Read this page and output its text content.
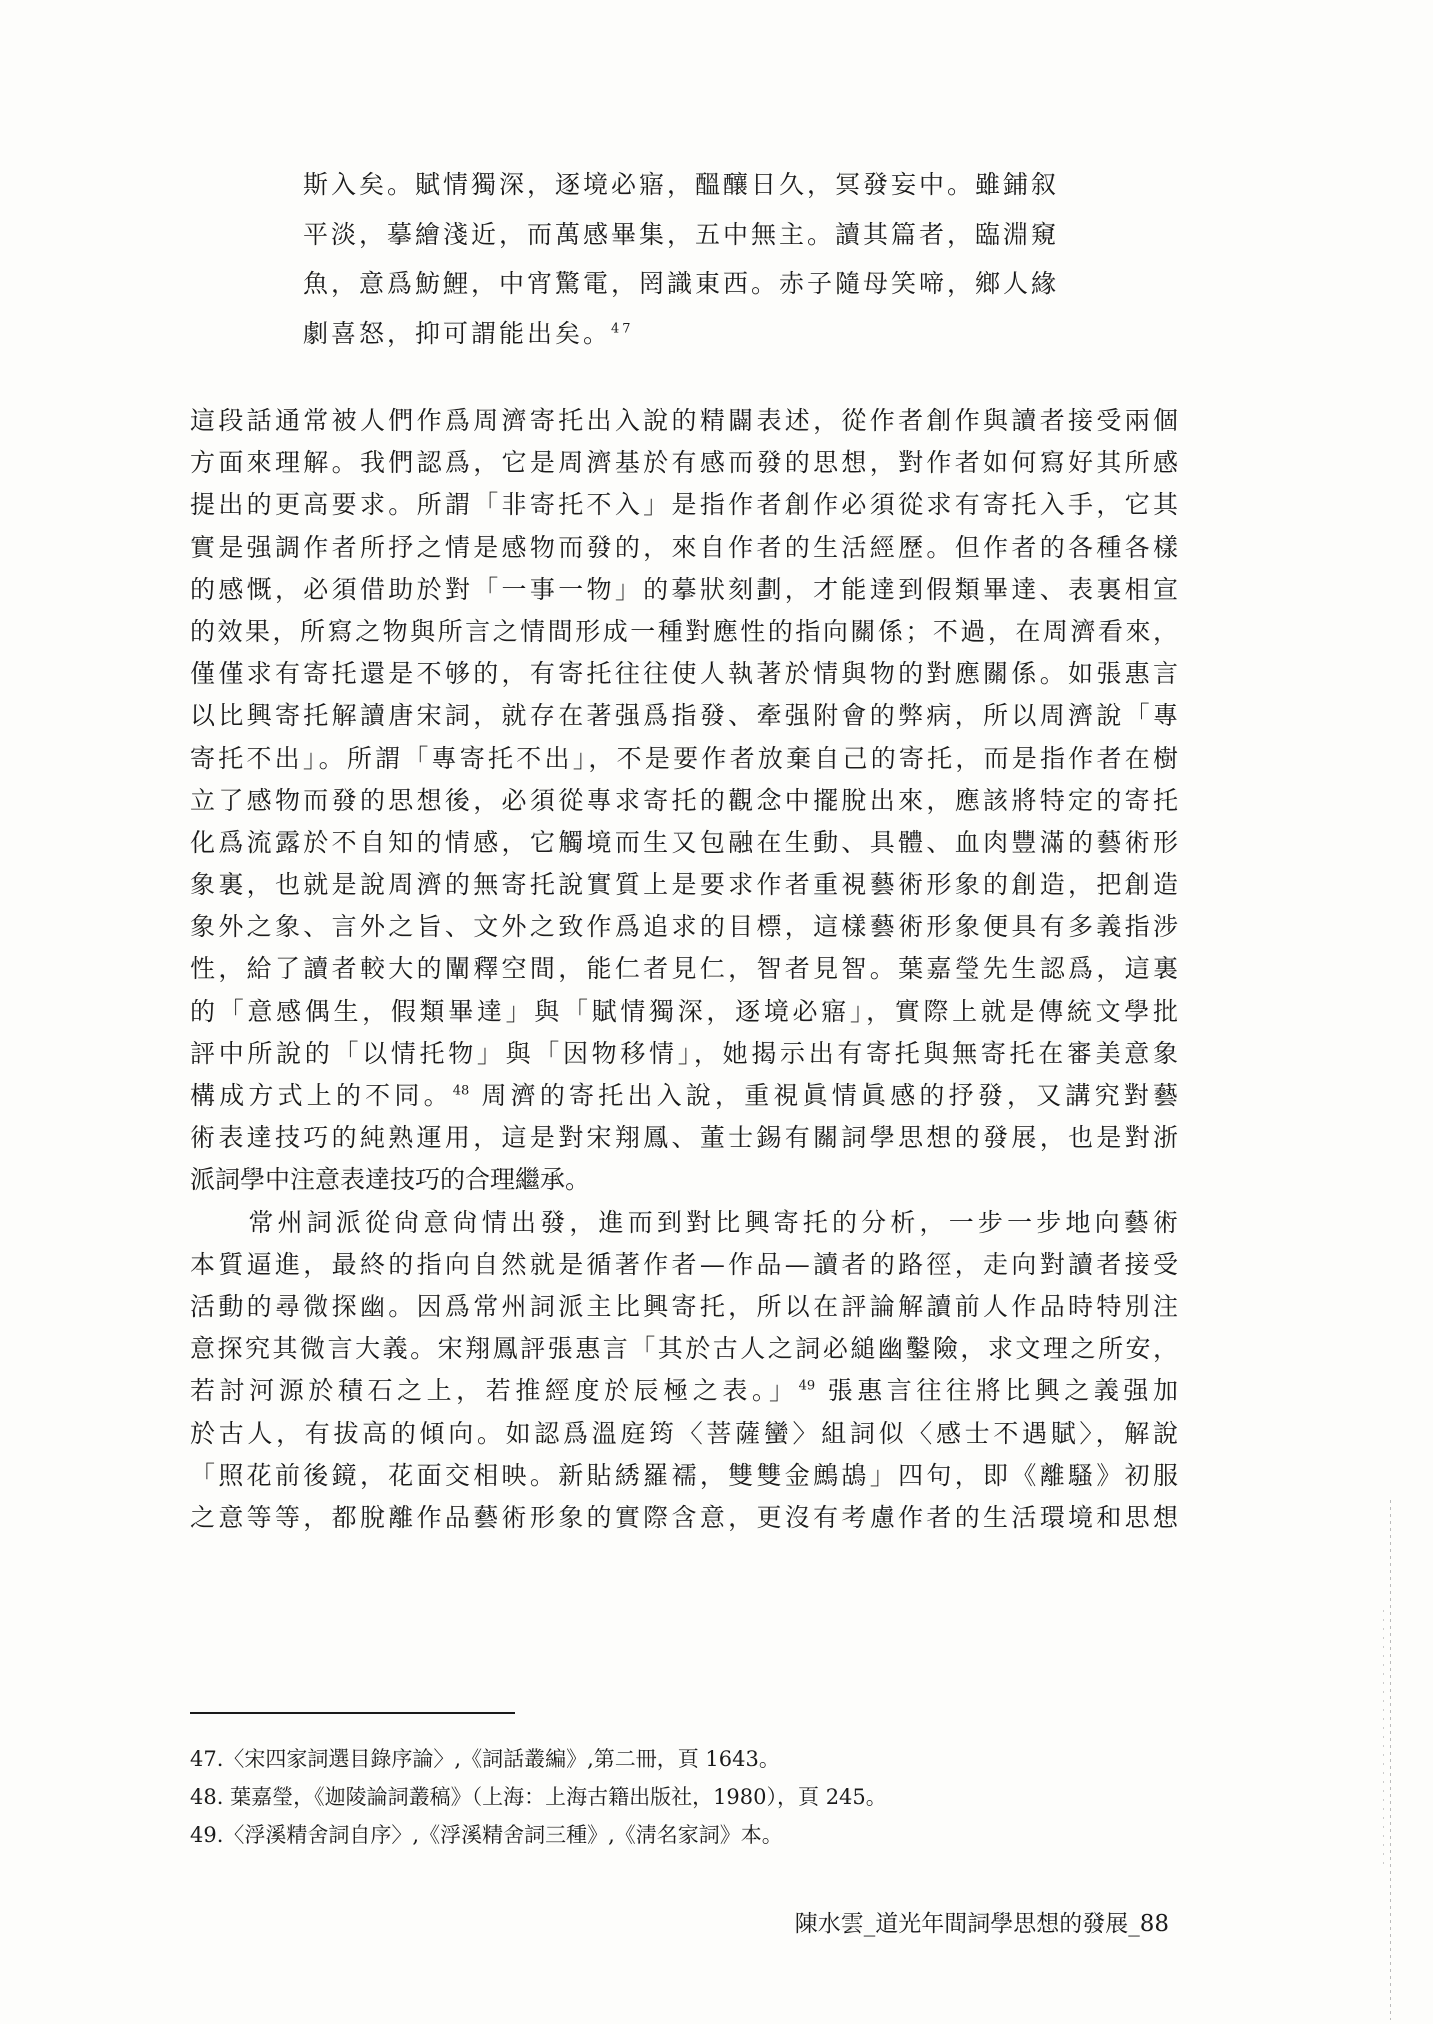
斯入矣。賦情獨深，逐境必寤，醞釀日久，冥發妄中。雖鋪叙
平淡，摹繪淺近，而萬感畢集，五中無主。讀其篇者，臨淵窺
魚，意爲魴鯉，中宵驚電，罔識東西。赤子隨母笑啼，鄉人緣
劇喜怒，抑可謂能出矣。$^{47}$
這段話通常被人們作爲周濟寄托出入說的精闢表述，從作者創作與讀者接受兩個
方面來理解。我們認爲，它是周濟基於有感而發的思想，對作者如何寫好其所感
提出的更高要求。所謂「非寄托不入」是指作者創作必須從求有寄托入手，它其
實是强調作者所抒之情是感物而發的，來自作者的生活經歷。但作者的各種各樣
的感慨，必須借助於對「一事一物」的摹狀刻劃，才能達到假類畢達、表裏相宣
的效果，所寫之物與所言之情間形成一種對應性的指向關係；不過，在周濟看來，
僅僅求有寄托還是不够的，有寄托往往使人執著於情與物的對應關係。如張惠言
以比興寄托解讀唐宋詞，就存在著强爲指發、牽强附會的弊病，所以周濟說「專
寄托不出」。所謂「專寄托不出」，不是要作者放棄自己的寄托，而是指作者在樹
立了感物而發的思想後，必須從專求寄托的觀念中擺脫出來，應該將特定的寄托
化爲流露於不自知的情感，它觸境而生又包融在生動、具體、血肉豐滿的藝術形
象裏，也就是說周濟的無寄托說實質上是要求作者重視藝術形象的創造，把創造
象外之象、言外之旨、文外之致作爲追求的目標，這樣藝術形象便具有多義指涉
性，給了讀者較大的闡釋空間，能仁者見仁，智者見智。葉嘉瑩先生認爲，這裏
的「意感偶生，假類畢達」與「賦情獨深，逐境必寤」，實際上就是傳統文學批
評中所說的「以情托物」與「因物移情」，她揭示出有寄托與無寄托在審美意象
構成方式上的不同。$^{48}$ 周濟的寄托出入說，重視眞情眞感的抒發，又講究對藝
術表達技巧的純熟運用，這是對宋翔鳳、董士錫有關詞學思想的發展，也是對浙
派詞學中注意表達技巧的合理繼承。
　　常州詞派從尙意尙情出發，進而到對比興寄托的分析，一步一步地向藝術
本質逼進，最終的指向自然就是循著作者—作品—讀者的路徑，走向對讀者接受
活動的尋微探幽。因爲常州詞派主比興寄托，所以在評論解讀前人作品時特別注
意探究其微言大義。宋翔鳳評張惠言「其於古人之詞必縋幽鑿險，求文理之所安，
若討河源於積石之上，若推經度於辰極之表。」$^{49}$ 張惠言往往將比興之義强加
於古人，有拔高的傾向。如認爲溫庭筠〈菩薩蠻〉組詞似〈感士不遇賦〉，解說
「照花前後鏡，花面交相映。新貼綉羅襦，雙雙金鷓鴣」四句，即《離騷》初服
之意等等，都脫離作品藝術形象的實際含意，更沒有考慮作者的生活環境和思想
47.〈宋四家詞選目錄序論〉,《詞話叢編》,第二冊，頁 1643。
48. 葉嘉瑩，《迦陵論詞叢稿》（上海：上海古籍出版社，1980），頁 245。
49.〈浮溪精舍詞自序〉,《浮溪精舍詞三種》,《淸名家詞》本。
陳水雲_道光年間詞學思想的發展_88
